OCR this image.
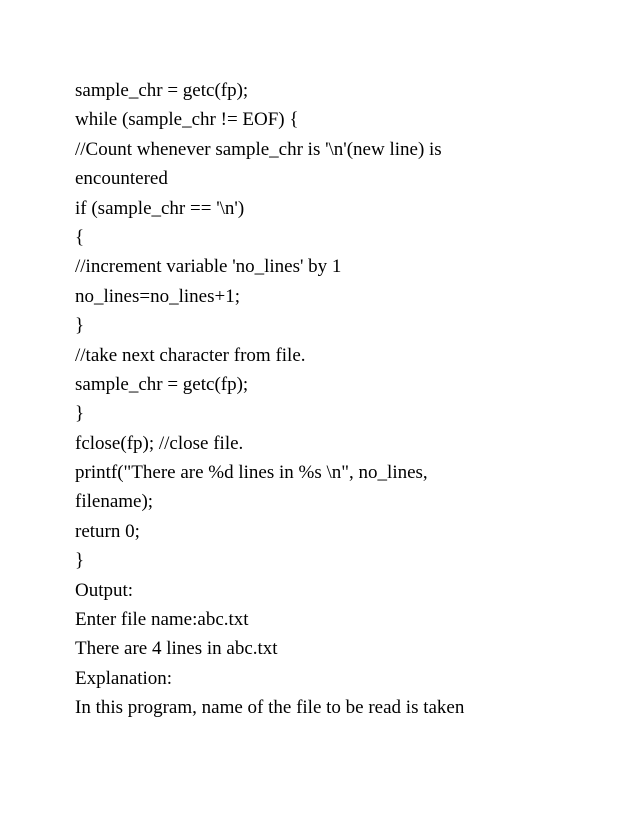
sample_chr = getc(fp);

while (sample_chr != EOF) {

//Count whenever sample_chr is '\n'(new line) is

encountered

if (sample_chr == '\n')

{

//increment variable 'no_lines' by 1

no_lines=no_lines+1;

}

//take next character from file.

sample_chr = getc(fp);

}

fclose(fp); //close file.

printf("There are %d lines in %s \n", no_lines,

filename);

return 0;

}

Output:

Enter file name:abc.txt

There are 4 lines in abc.txt

Explanation:

In this program, name of the file to be read is taken
